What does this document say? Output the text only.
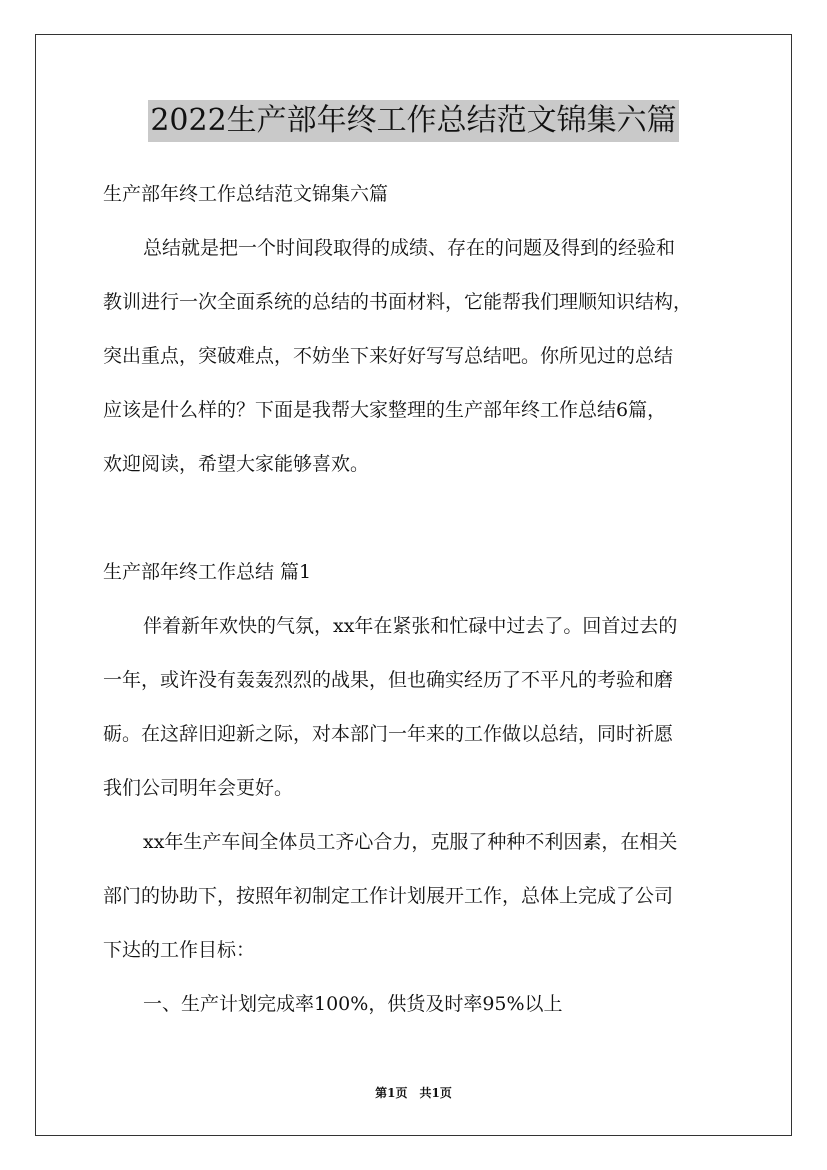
2022生产部年终工作总结范文锦集六篇
生产部年终工作总结范文锦集六篇
总结就是把一个时间段取得的成绩、存在的问题及得到的经验和
教训进行一次全面系统的总结的书面材料，它能帮我们理顺知识结构，
突出重点，突破难点，不妨坐下来好好写写总结吧。你所见过的总结
应该是什么样的？下面是我帮大家整理的生产部年终工作总结6篇，
欢迎阅读，希望大家能够喜欢。
生产部年终工作总结 篇1
伴着新年欢快的气氛，xx年在紧张和忙碌中过去了。回首过去的
一年，或许没有轰轰烈烈的战果，但也确实经历了不平凡的考验和磨
砺。在这辞旧迎新之际，对本部门一年来的工作做以总结，同时祈愿
我们公司明年会更好。
xx年生产车间全体员工齐心合力，克服了种种不利因素，在相关
部门的协助下，按照年初制定工作计划展开工作，总体上完成了公司
下达的工作目标：
一、生产计划完成率100%，供货及时率95%以上
第1页　共1页
